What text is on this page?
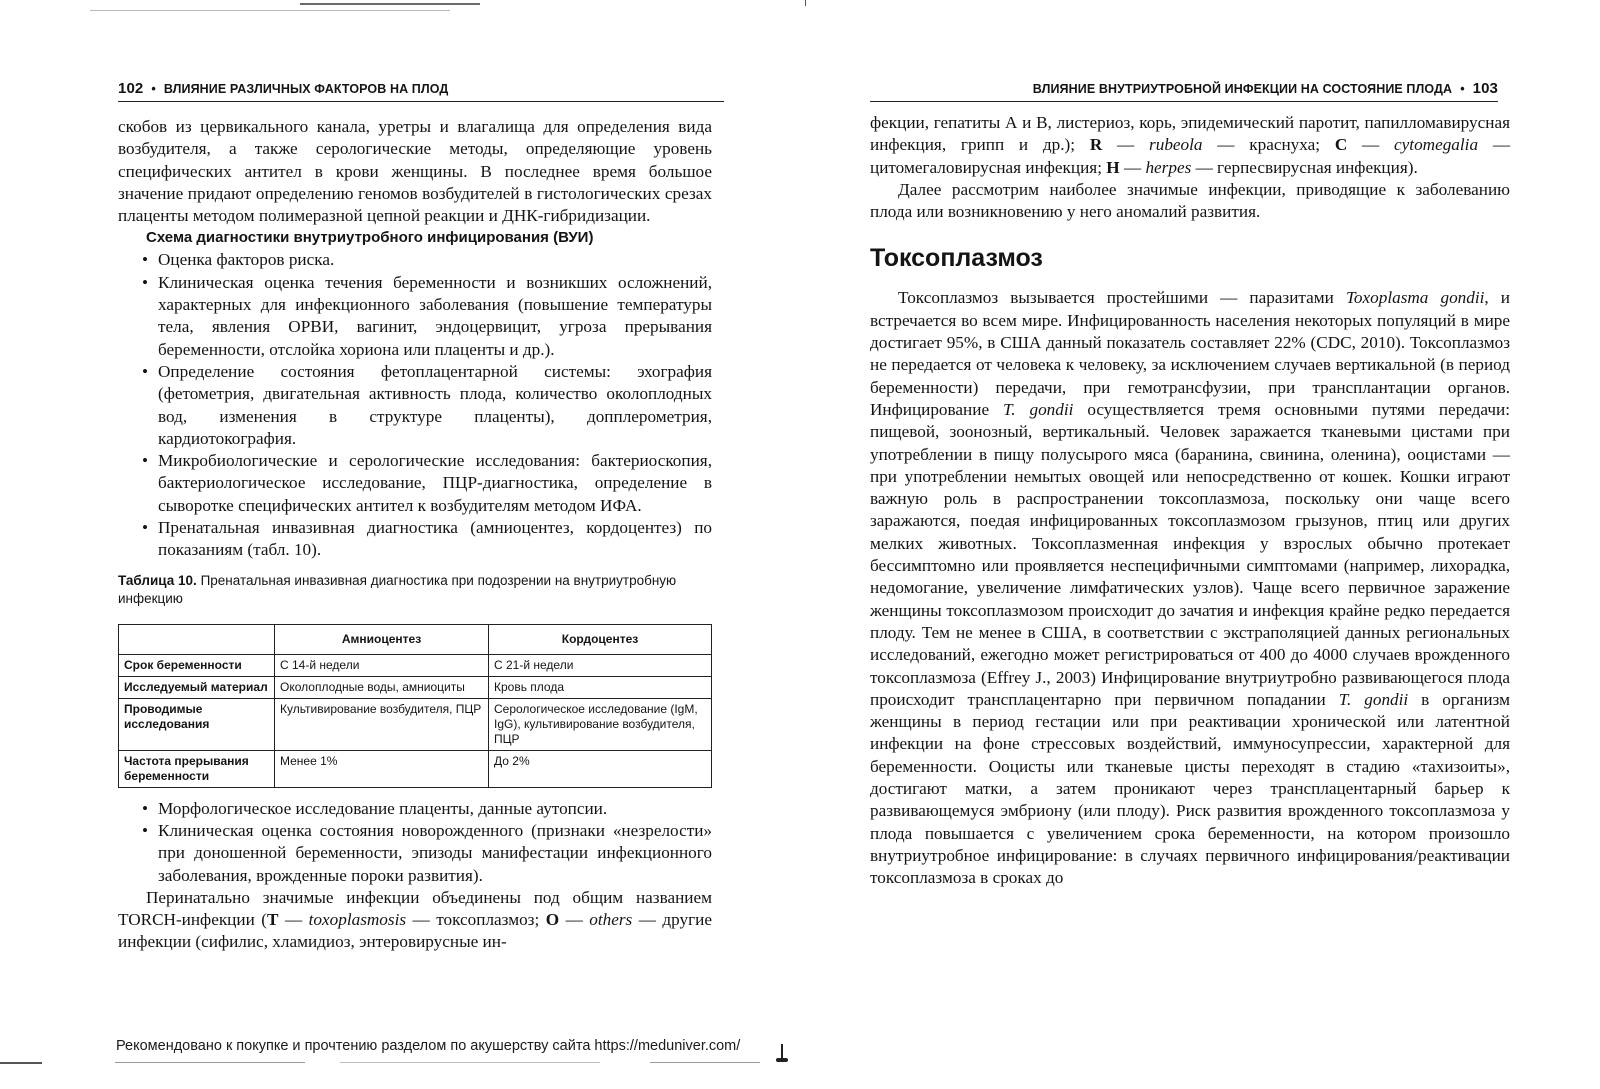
102 • ВЛИЯНИЕ РАЗЛИЧНЫХ ФАКТОРОВ НА ПЛОД

скобов из цервикального канала, уретры и влагалища для определения вида возбудителя, а также серологические методы, определяющие уровень специфических антител в крови женщины. В последнее время большое значение придают определению геномов возбудителей в гистологических срезах плаценты методом полимеразной цепной реакции и ДНК-гибридизации.

Схема диагностики внутриутробного инфицирования (ВУИ)
• Оценка факторов риска.
• Клиническая оценка течения беременности и возникших осложнений, характерных для инфекционного заболевания (повышение температуры тела, явления ОРВИ, вагинит, эндоцервицит, угроза прерывания беременности, отслойка хориона или плаценты и др.).
• Определение состояния фетоплацентарной системы: эхография (фетометрия, двигательная активность плода, количество околоплодных вод, изменения в структуре плаценты), допплерометрия, кардиотокография.
• Микробиологические и серологические исследования: бактериоскопия, бактериологическое исследование, ПЦР-диагностика, определение в сыворотке специфических антител к возбудителям методом ИФА.
• Пренатальная инвазивная диагностика (амниоцентез, кордоцентез) по показаниям (табл. 10).
Таблица 10. Пренатальная инвазивная диагностика при подозрении на внутриутробную инфекцию
	Амниоцентез	Кордоцентез
Срок беременности	С 14-й недели	С 21-й недели
Исследуемый материал	Околоплодные воды, амниоциты	Кровь плода
Проводимые исследования	Культивирование возбудителя, ПЦР	Серологическое исследование (IgM, IgG), культивирование возбудителя, ПЦР
Частота прерывания беременности	Менее 1%	До 2%
• Морфологическое исследование плаценты, данные аутопсии.
• Клиническая оценка состояния новорожденного (признаки «незрелости» при доношенной беременности, эпизоды манифестации инфекционного заболевания, врожденные пороки развития).

Перинатально значимые инфекции объединены под общим названием TORCH-инфекции (T — toxoplasmosis — токсоплазмоз; O — others — другие инфекции (сифилис, хламидиоз, энтеровирусные ин-

ВЛИЯНИЕ ВНУТРИУТРОБНОЙ ИНФЕКЦИИ НА СОСТОЯНИЕ ПЛОДА • 103

фекции, гепатиты А и В, листериоз, корь, эпидемический паротит, папилломавирусная инфекция, грипп и др.); R — rubeola — краснуха; C — cytomegalia — цитомегаловирусная инфекция; H — herpes — герпесвирусная инфекция).

Далее рассмотрим наиболее значимые инфекции, приводящие к заболеванию плода или возникновению у него аномалий развития.

Токсоплазмоз

Токсоплазмоз вызывается простейшими — паразитами Toxoplasma gondii, и встречается во всем мире. Инфицированность населения некоторых популяций в мире достигает 95%, в США данный показатель составляет 22% (CDC, 2010). Токсоплазмоз не передается от человека к человеку, за исключением случаев вертикальной (в период беременности) передачи, при гемотрансфузии, при трансплантации органов. Инфицирование T. gondii осуществляется тремя основными путями передачи: пищевой, зоонозный, вертикальный. Человек заражается тканевыми цистами при употреблении в пищу полусырого мяса (баранина, свинина, оленина), ооцистами — при употреблении немытых овощей или непосредственно от кошек. Кошки играют важную роль в распространении токсоплазмоза, поскольку они чаще всего заражаются, поедая инфицированных токсоплазмозом грызунов, птиц или других мелких животных. Токсоплазменная инфекция у взрослых обычно протекает бессимптомно или проявляется неспецифичными симптомами (например, лихорадка, недомогание, увеличение лимфатических узлов). Чаще всего первичное заражение женщины токсоплазмозом происходит до зачатия и инфекция крайне редко передается плоду. Тем не менее в США, в соответствии с экстраполяцией данных региональных исследований, ежегодно может регистрироваться от 400 до 4000 случаев врожденного токсоплазмоза (Effrey J., 2003) Инфицирование внутриутробно развивающегося плода происходит трансплацентарно при первичном попадании T. gondii в организм женщины в период гестации или при реактивации хронической или латентной инфекции на фоне стрессовых воздействий, иммуносупрессии, характерной для беременности. Ооцисты или тканевые цисты переходят в стадию «тахизоиты», достигают матки, а затем проникают через трансплацентарный барьер к развивающемуся эмбриону (или плоду). Риск развития врожденного токсоплазмоза у плода повышается с увеличением срока беременности, на котором произошло внутриутробное инфицирование: в случаях первичного инфицирования/реактивации токсоплазмоза в сроках до

Рекомендовано к покупке и прочтению разделом по акушерству сайта https://meduniver.com/
